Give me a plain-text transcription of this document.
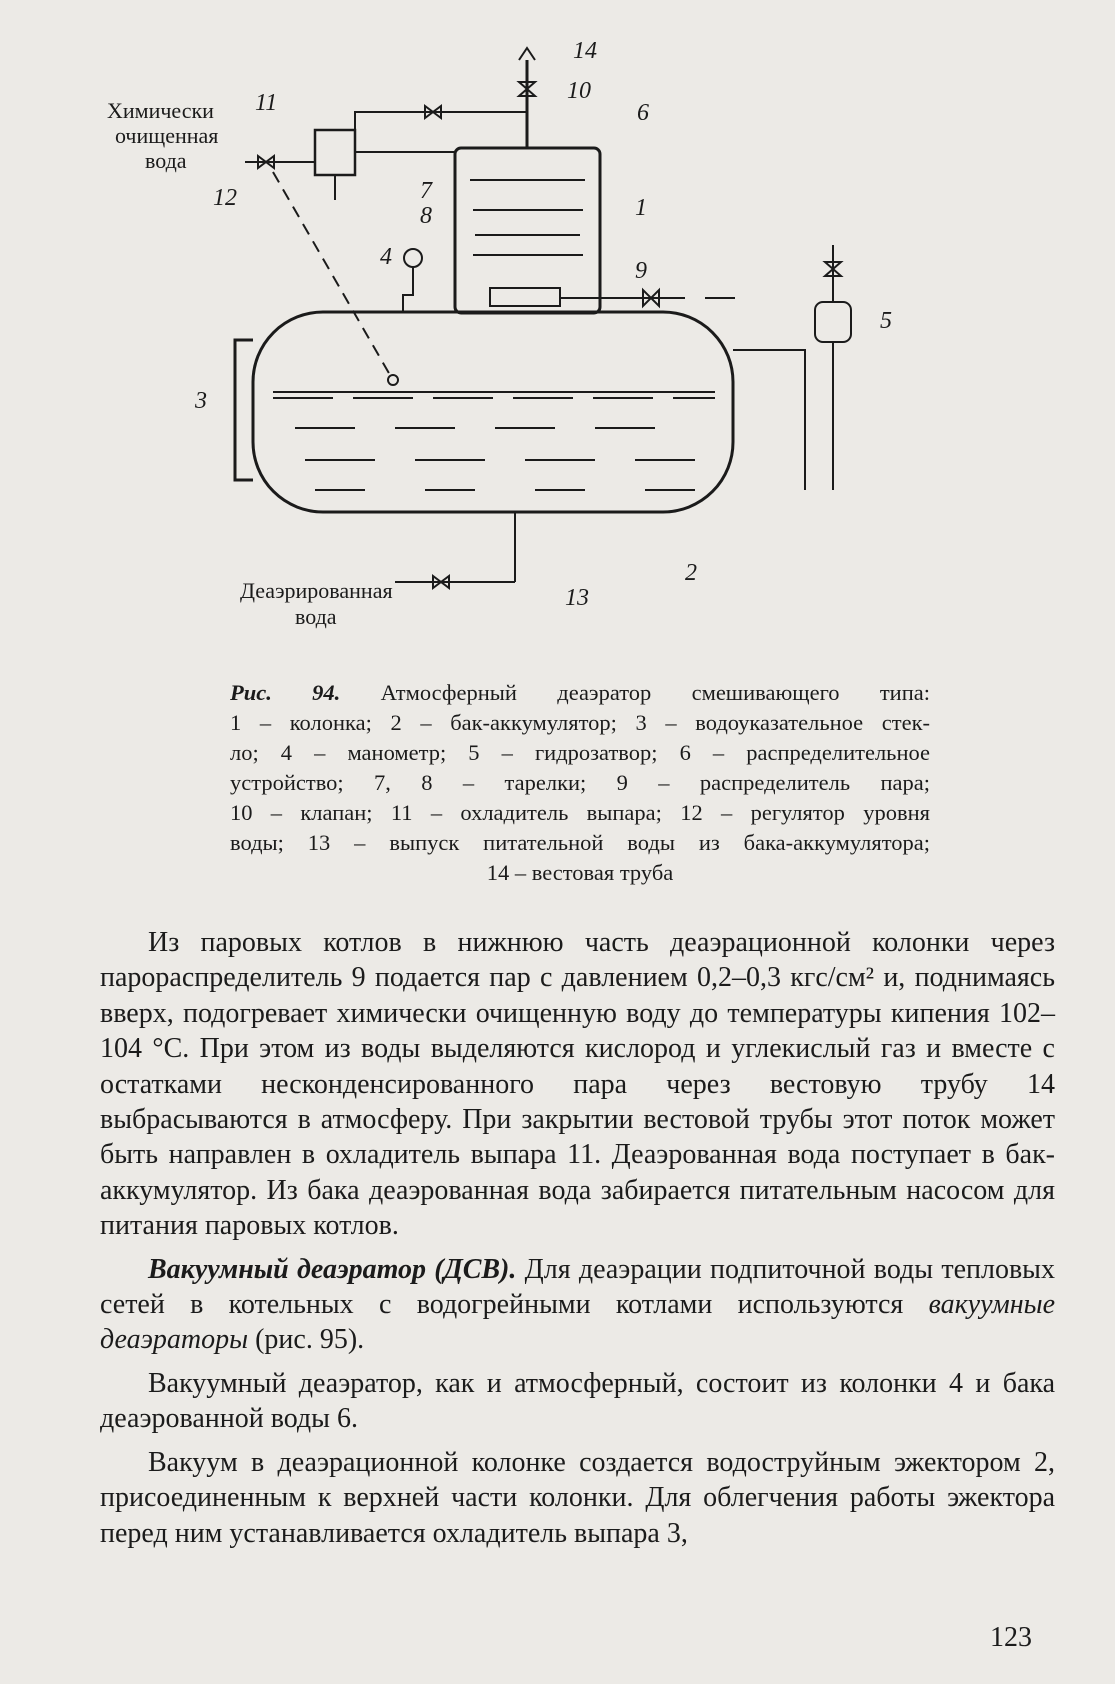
Химически
очищенная
вода
Деаэрированная
вода
1
2
3
4
5
6
7
8
9
10
11
12
13
14
Рис. 94. Атмосферный деаэратор смешивающего типа:
1 – колонка; 2 – бак-аккумулятор; 3 – водоуказательное стек-
ло; 4 – манометр; 5 – гидрозатвор; 6 – распределительное
устройство; 7, 8 – тарелки; 9 – распределитель пара;
10 – клапан; 11 – охладитель выпара; 12 – регулятор уровня
воды; 13 – выпуск питательной воды из бака-аккумулятора;
14 – вестовая труба

Из паровых котлов в нижнюю часть деаэрационной колонки через парораспределитель 9 подается пар с давлением 0,2–0,3 кгс/см² и, поднимаясь вверх, подогревает химически очищенную воду до температуры кипения 102–104 °С. При этом из воды выделяются кислород и углекислый газ и вместе с остатками несконденсированного пара через вестовую трубу 14 выбрасываются в атмосферу. При закрытии вестовой трубы этот поток может быть направлен в охладитель выпара 11. Деаэрованная вода поступает в бак-аккумулятор. Из бака деаэрованная вода забирается питательным насосом для питания паровых котлов.

Вакуумный деаэратор (ДСВ). Для деаэрации подпиточной воды тепловых сетей в котельных с водогрейными котлами используются вакуумные деаэраторы (рис. 95).

Вакуумный деаэратор, как и атмосферный, состоит из колонки 4 и бака деаэрованной воды 6.

Вакуум в деаэрационной колонке создается водоструйным эжектором 2, присоединенным к верхней части колонки. Для облегчения работы эжектора перед ним устанавливается охладитель выпара 3,

123
